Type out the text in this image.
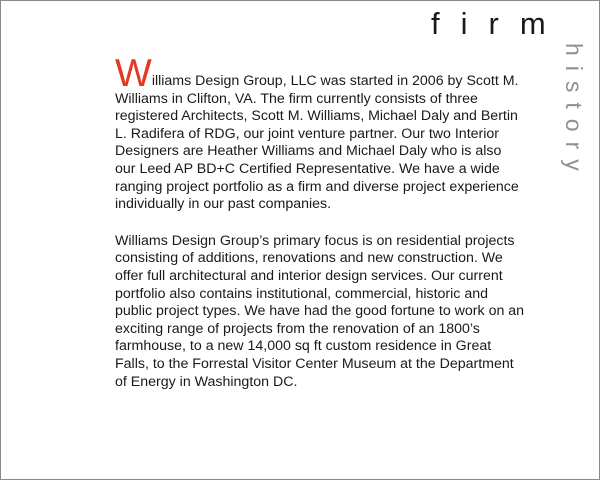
firm
history

Williams Design Group, LLC was started in 2006 by Scott M. Williams in Clifton, VA. The firm currently consists of three registered Architects, Scott M. Williams, Michael Daly and Bertin L. Radifera of RDG, our joint venture partner. Our two Interior Designers are Heather Williams and Michael Daly who is also our Leed AP BD+C Certified Representative. We have a wide ranging project portfolio as a firm and diverse project experience individually in our past companies.

Williams Design Group’s primary focus is on residential projects consisting of additions, renovations and new construction. We offer full architectural and interior design services. Our current portfolio also contains institutional, commercial, historic and public project types. We have had the good fortune to work on an exciting range of projects from the renovation of an 1800’s farmhouse, to a new 14,000 sq ft custom residence in Great Falls, to the Forrestal Visitor Center Museum at the Department of Energy in Washington DC.
